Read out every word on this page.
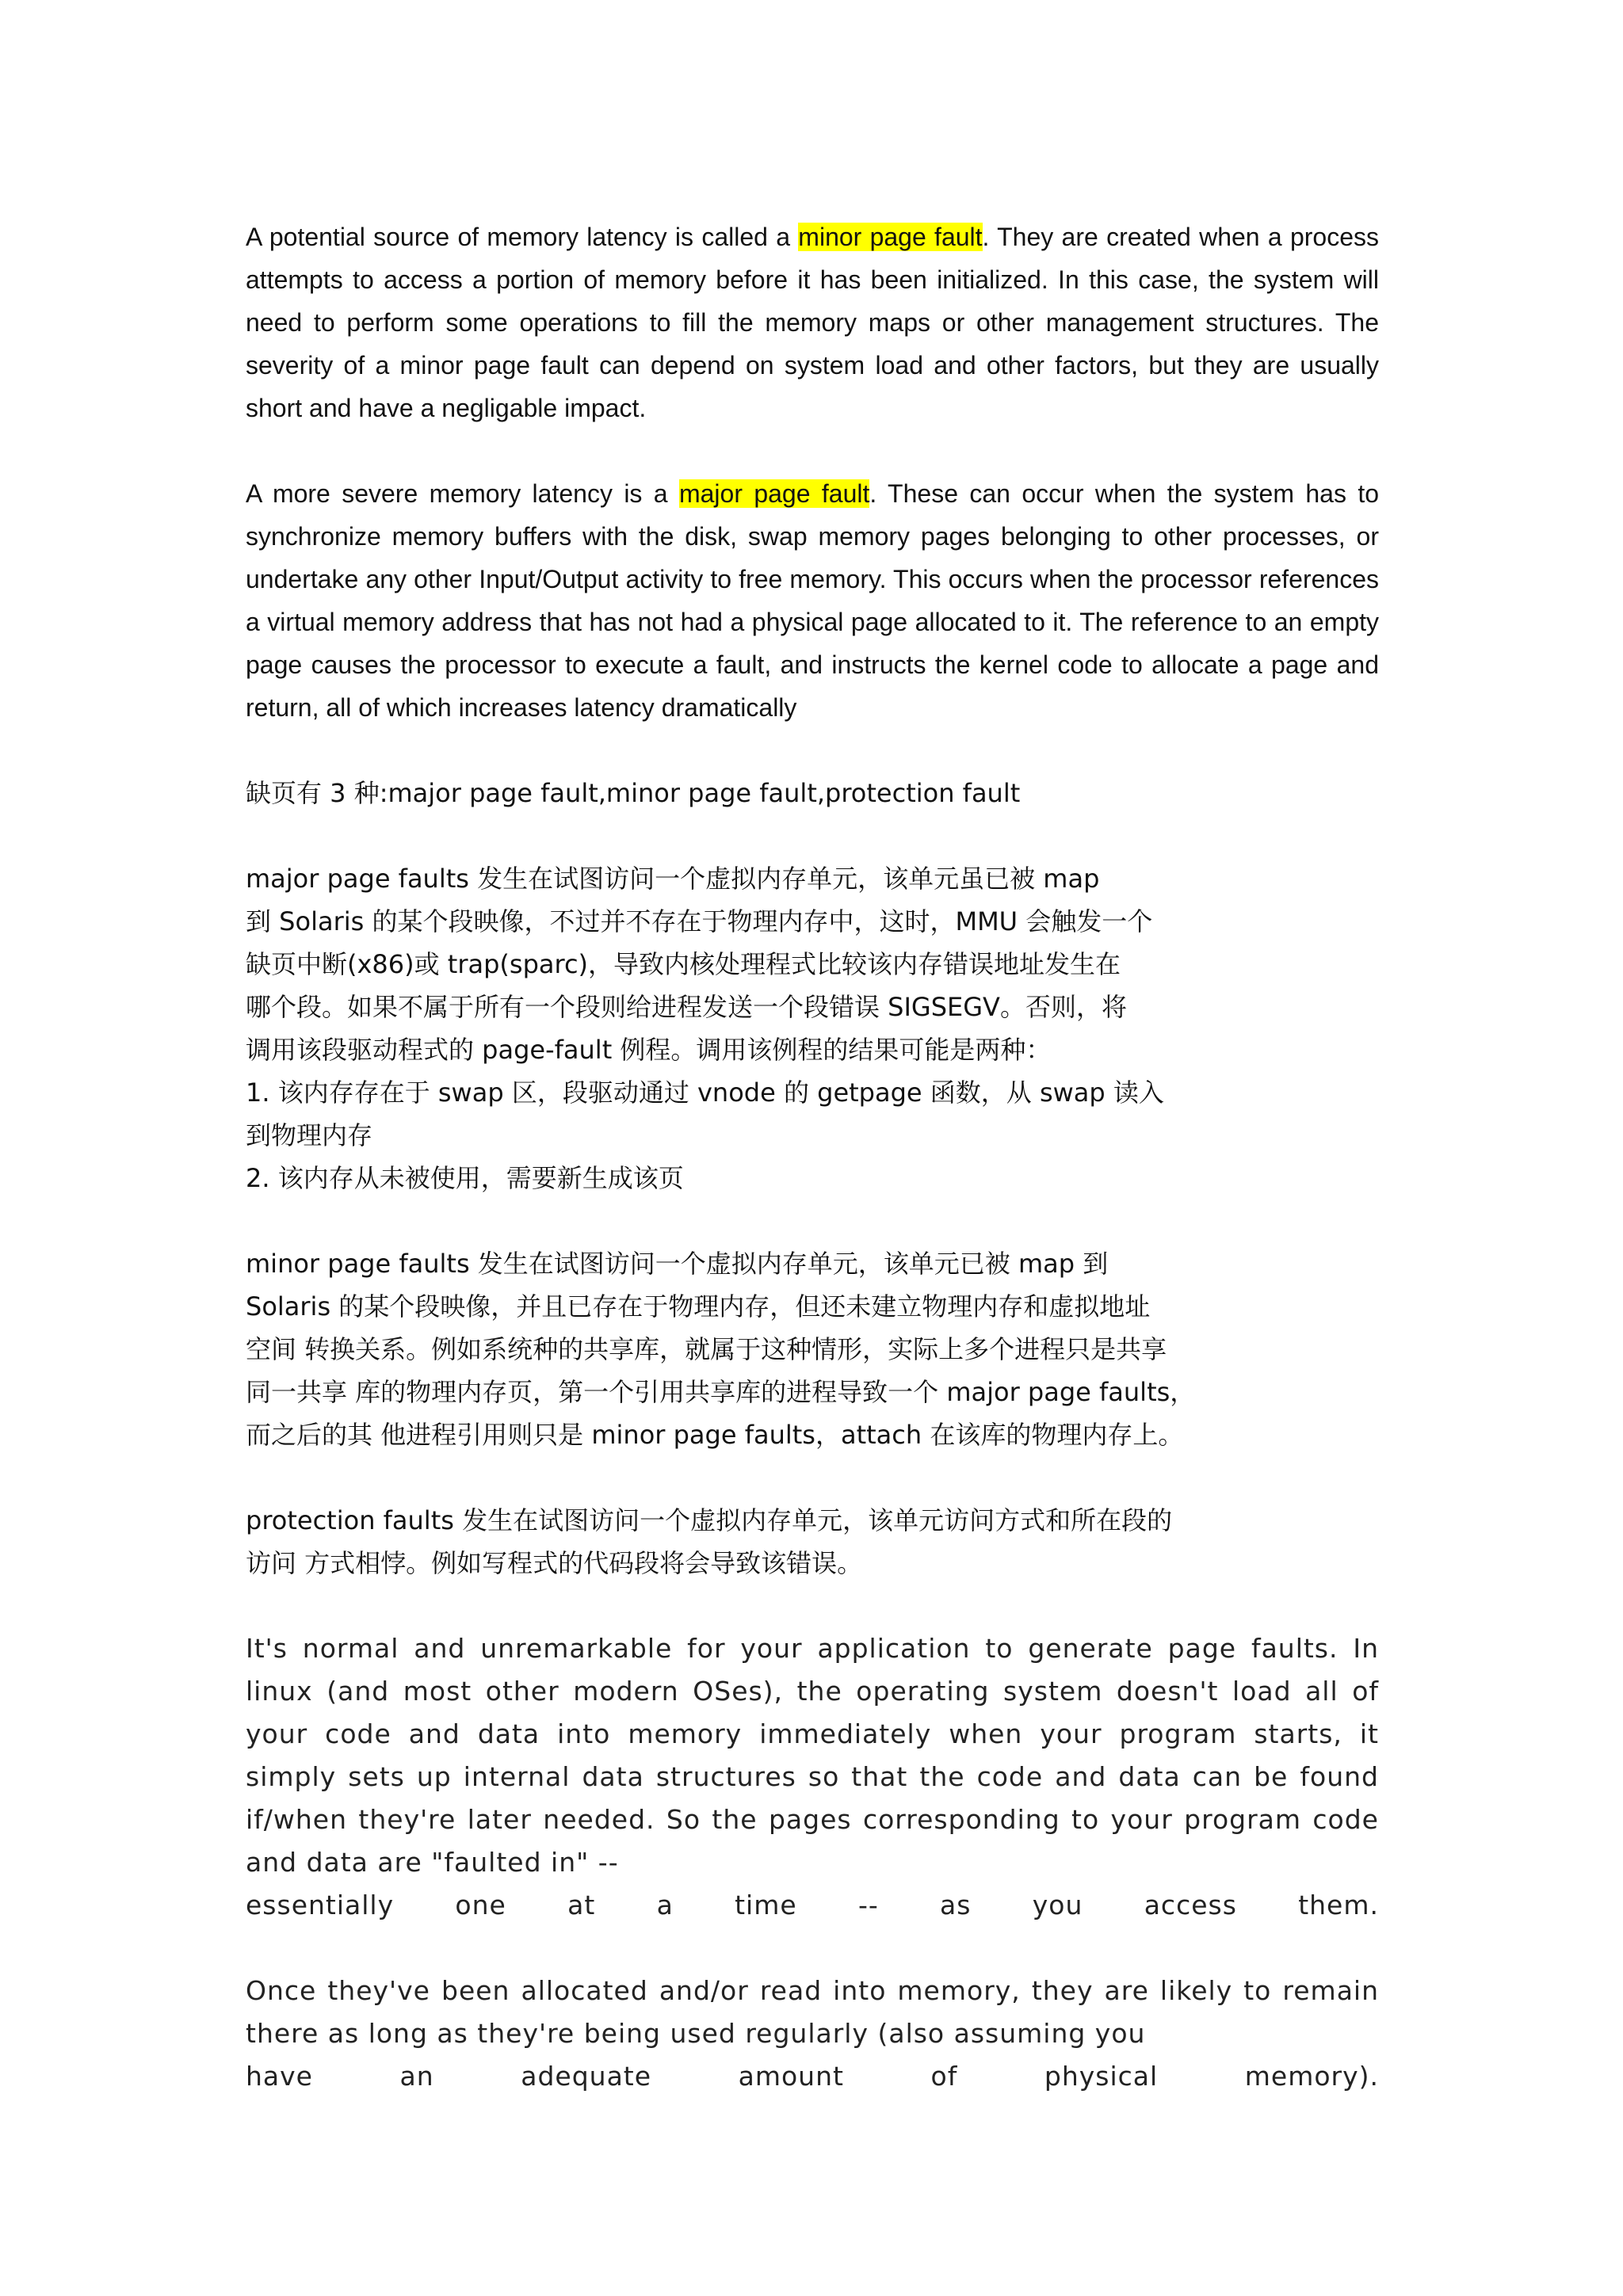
A potential source of memory latency is called a minor page fault. They are created when a process attempts to access a portion of memory before it has been initialized. In this case, the system will need to perform some operations to fill the memory maps or other management structures. The severity of a minor page fault can depend on system load and other factors, but they are usually short and have a negligable impact.

A more severe memory latency is a major page fault. These can occur when the system has to synchronize memory buffers with the disk, swap memory pages belonging to other processes, or undertake any other Input/Output activity to free memory. This occurs when the processor references a virtual memory address that has not had a physical page allocated to it. The reference to an empty page causes the processor to execute a fault, and instructs the kernel code to allocate a page and return, all of which increases latency dramatically

缺页有 3 种:major page fault,minor page fault,protection fault

major page faults 发生在试图访问一个虚拟内存单元，该单元虽已被 map
到 Solaris 的某个段映像，不过并不存在于物理内存中，这时，MMU 会触发一个
缺页中断(x86)或 trap(sparc)，导致内核处理程式比较该内存错误地址发生在
哪个段。如果不属于所有一个段则给进程发送一个段错误 SIGSEGV。否则，将
调用该段驱动程式的 page-fault 例程。调用该例程的结果可能是两种：
1. 该内存存在于 swap 区，段驱动通过 vnode 的 getpage 函数，从 swap 读入
到物理内存
2. 该内存从未被使用，需要新生成该页

minor page faults 发生在试图访问一个虚拟内存单元，该单元已被 map 到
Solaris 的某个段映像，并且已存在于物理内存，但还未建立物理内存和虚拟地址
空间 转换关系。例如系统种的共享库，就属于这种情形，实际上多个进程只是共享
同一共享 库的物理内存页，第一个引用共享库的进程导致一个 major page faults，
而之后的其 他进程引用则只是 minor page faults，attach 在该库的物理内存上。

protection faults 发生在试图访问一个虚拟内存单元，该单元访问方式和所在段的
访问 方式相悖。例如写程式的代码段将会导致该错误。

It's normal and unremarkable for your application to generate page faults. In linux (and most other modern OSes), the operating system doesn't load all of your code and data into memory immediately when your program starts, it simply sets up internal data structures so that the code and data can be found if/when they're later needed. So the pages corresponding to your program code and data are "faulted in" --

essentially one at a time -- as you access them.

Once they've been allocated and/or read into memory, they are likely to remain there as long as they're being used regularly (also assuming you

have an adequate amount of physical memory).
